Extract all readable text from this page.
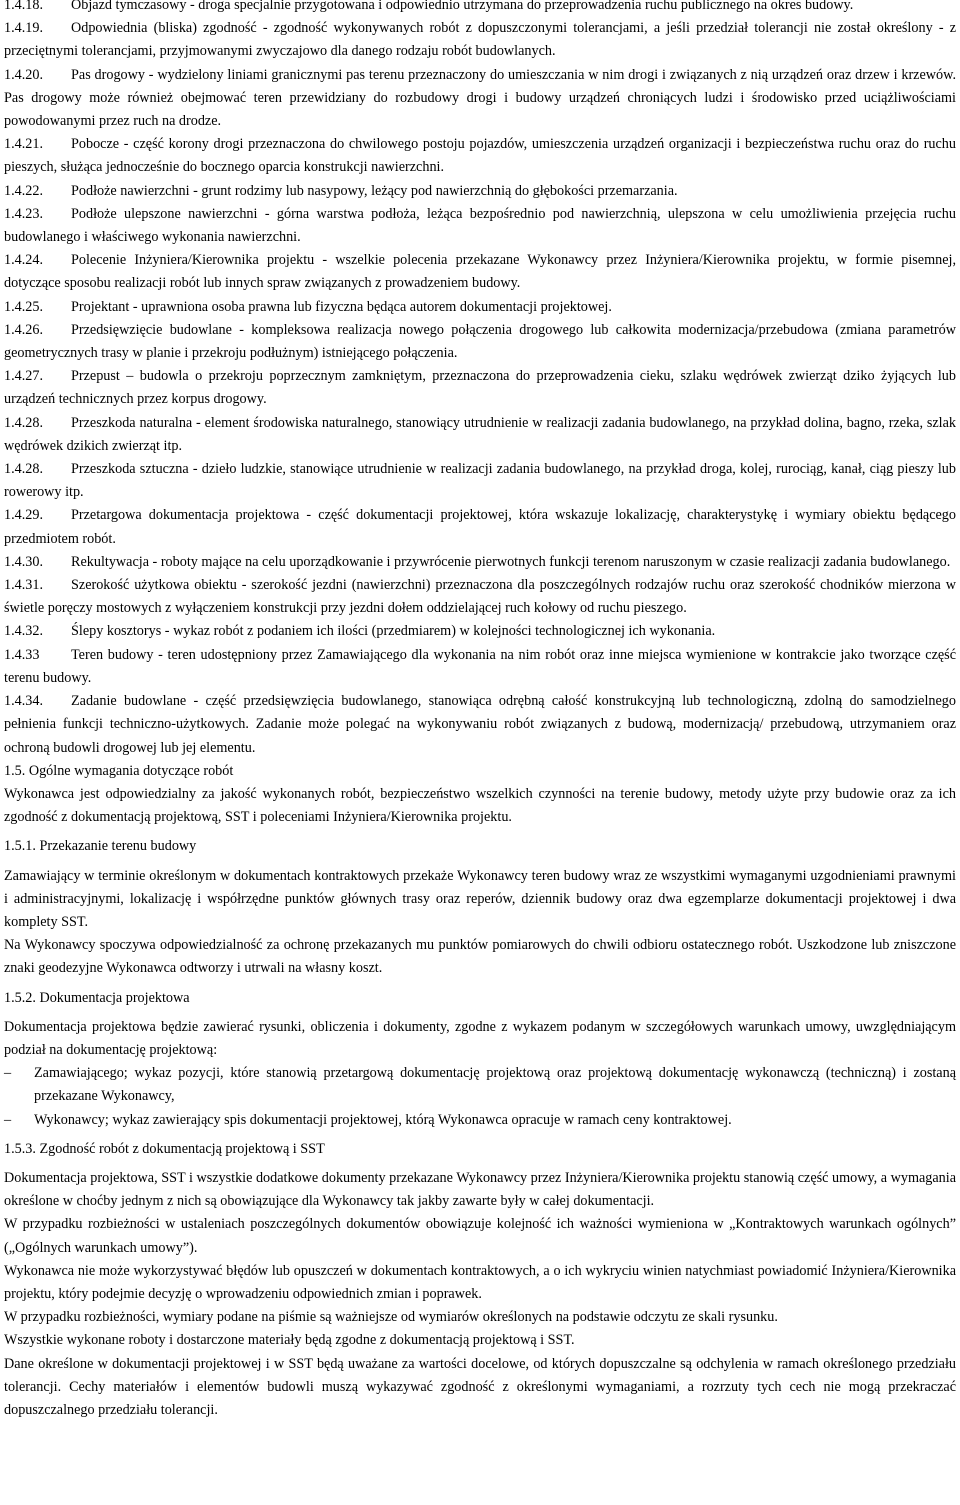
1.4.18. Objazd tymczasowy - droga specjalnie przygotowana i odpowiednio utrzymana do przeprowadzenia ruchu publicznego na okres budowy.

1.4.19. Odpowiednia (bliska) zgodność - zgodność wykonywanych robót z dopuszczonymi tolerancjami, a jeśli przedział tolerancji nie został określony - z przeciętnymi tolerancjami, przyjmowanymi zwyczajowo dla danego rodzaju robót budowlanych.

1.4.20. Pas drogowy - wydzielony liniami granicznymi pas terenu przeznaczony do umieszczania w nim drogi i związanych z nią urządzeń oraz drzew i krzewów. Pas drogowy może również obejmować teren przewidziany do rozbudowy drogi i budowy urządzeń chroniących ludzi i środowisko przed uciążliwościami powodowanymi przez ruch na drodze.

1.4.21. Pobocze - część korony drogi przeznaczona do chwilowego postoju pojazdów, umieszczenia urządzeń organizacji i bezpieczeństwa ruchu oraz do ruchu pieszych, służąca jednocześnie do bocznego oparcia konstrukcji nawierzchni.

1.4.22. Podłoże nawierzchni - grunt rodzimy lub nasypowy, leżący pod nawierzchnią do głębokości przemarzania.

1.4.23. Podłoże ulepszone nawierzchni - górna warstwa podłoża, leżąca bezpośrednio pod nawierzchnią, ulepszona w celu umożliwienia przejęcia ruchu budowlanego i właściwego wykonania nawierzchni.

1.4.24. Polecenie Inżyniera/Kierownika projektu - wszelkie polecenia przekazane Wykonawcy przez Inżyniera/Kierownika projektu, w formie pisemnej, dotyczące sposobu realizacji robót lub innych spraw związanych z prowadzeniem budowy.

1.4.25. Projektant - uprawniona osoba prawna lub fizyczna będąca autorem dokumentacji projektowej.

1.4.26. Przedsięwzięcie budowlane - kompleksowa realizacja nowego połączenia drogowego lub całkowita modernizacja/przebudowa (zmiana parametrów geometrycznych trasy w planie i przekroju podłużnym) istniejącego połączenia.

1.4.27. Przepust – budowla o przekroju poprzecznym zamkniętym, przeznaczona do przeprowadzenia cieku, szlaku wędrówek zwierząt dziko żyjących lub urządzeń technicznych przez korpus drogowy.

1.4.28. Przeszkoda naturalna - element środowiska naturalnego, stanowiący utrudnienie w realizacji zadania budowlanego, na przykład dolina, bagno, rzeka, szlak wędrówek dzikich zwierząt itp.

1.4.28. Przeszkoda sztuczna - dzieło ludzkie, stanowiące utrudnienie w realizacji zadania budowlanego, na przykład droga, kolej, rurociąg, kanał, ciąg pieszy lub rowerowy itp.

1.4.29. Przetargowa dokumentacja projektowa - część dokumentacji projektowej, która wskazuje lokalizację, charakterystykę i wymiary obiektu będącego przedmiotem robót.

1.4.30. Rekultywacja - roboty mające na celu uporządkowanie i przywrócenie pierwotnych funkcji terenom naruszonym w czasie realizacji zadania budowlanego.

1.4.31. Szerokość użytkowa obiektu - szerokość jezdni (nawierzchni) przeznaczona dla poszczególnych rodzajów ruchu oraz szerokość chodników mierzona w świetle poręczy mostowych z wyłączeniem konstrukcji przy jezdni dołem oddzielającej ruch kołowy od ruchu pieszego.

1.4.32. Ślepy kosztorys - wykaz robót z podaniem ich ilości (przedmiarem) w kolejności technologicznej ich wykonania.

1.4.33 Teren budowy - teren udostępniony przez Zamawiającego dla wykonania na nim robót oraz inne miejsca wymienione w kontrakcie jako tworzące część terenu budowy.

1.4.34. Zadanie budowlane - część przedsięwzięcia budowlanego, stanowiąca odrębną całość konstrukcyjną lub technologiczną, zdolną do samodzielnego pełnienia funkcji techniczno-użytkowych. Zadanie może polegać na wykonywaniu robót związanych z budową, modernizacją/ przebudową, utrzymaniem oraz ochroną budowli drogowej lub jej elementu.

1.5. Ogólne wymagania dotyczące robót

Wykonawca jest odpowiedzialny za jakość wykonanych robót, bezpieczeństwo wszelkich czynności na terenie budowy, metody użyte przy budowie oraz za ich zgodność z dokumentacją projektową, SST i poleceniami Inżyniera/Kierownika projektu.

1.5.1. Przekazanie terenu budowy

Zamawiający w terminie określonym w dokumentach kontraktowych przekaże Wykonawcy teren budowy wraz ze wszystkimi wymaganymi uzgodnieniami prawnymi i administracyjnymi, lokalizację i współrzędne punktów głównych trasy oraz reperów, dziennik budowy oraz dwa egzemplarze dokumentacji projektowej i dwa komplety SST.

Na Wykonawcy spoczywa odpowiedzialność za ochronę przekazanych mu punktów pomiarowych do chwili odbioru ostatecznego robót. Uszkodzone lub zniszczone znaki geodezyjne Wykonawca odtworzy i utrwali na własny koszt.

1.5.2. Dokumentacja projektowa

Dokumentacja projektowa będzie zawierać rysunki, obliczenia i dokumenty, zgodne z wykazem podanym w szczegółowych warunkach umowy, uwzględniającym podział na dokumentację projektową:

– Zamawiającego; wykaz pozycji, które stanowią przetargową dokumentację projektową oraz projektową dokumentację wykonawczą (techniczną) i zostaną przekazane Wykonawcy,
– Wykonawcy; wykaz zawierający spis dokumentacji projektowej, którą Wykonawca opracuje w ramach ceny kontraktowej.

1.5.3. Zgodność robót z dokumentacją projektową i SST

Dokumentacja projektowa, SST i wszystkie dodatkowe dokumenty przekazane Wykonawcy przez Inżyniera/Kierownika projektu stanowią część umowy, a wymagania określone w choćby jednym z nich są obowiązujące dla Wykonawcy tak jakby zawarte były w całej dokumentacji.

W przypadku rozbieżności w ustaleniach poszczególnych dokumentów obowiązuje kolejność ich ważności wymieniona w „Kontraktowych warunkach ogólnych” („Ogólnych warunkach umowy”).

Wykonawca nie może wykorzystywać błędów lub opuszczeń w dokumentach kontraktowych, a o ich wykryciu winien natychmiast powiadomić Inżyniera/Kierownika projektu, który podejmie decyzję o wprowadzeniu odpowiednich zmian i poprawek.

W przypadku rozbieżności, wymiary podane na piśmie są ważniejsze od wymiarów określonych na podstawie odczytu ze skali rysunku.

Wszystkie wykonane roboty i dostarczone materiały będą zgodne z dokumentacją projektową i SST.

Dane określone w dokumentacji projektowej i w SST będą uważane za wartości docelowe, od których dopuszczalne są odchylenia w ramach określonego przedziału tolerancji. Cechy materiałów i elementów budowli muszą wykazywać zgodność z określonymi wymaganiami, a rozrzuty tych cech nie mogą przekraczać dopuszczalnego przedziału tolerancji.
